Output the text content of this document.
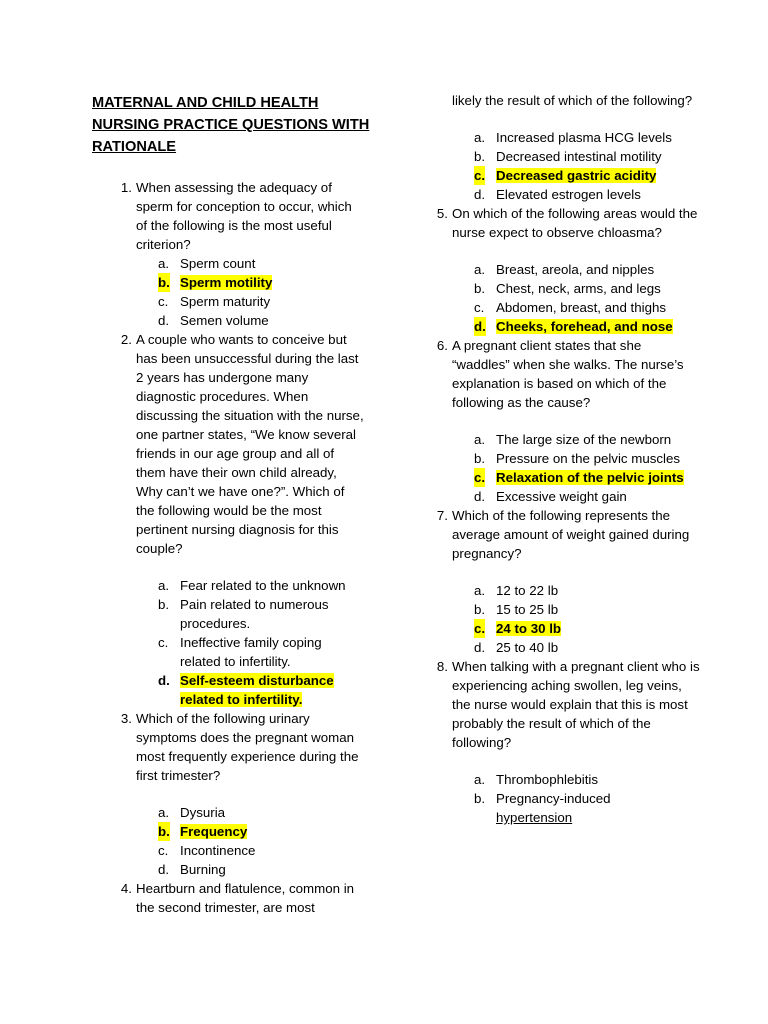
MATERNAL AND CHILD HEALTH NURSING PRACTICE QUESTIONS WITH RATIONALE
1. When assessing the adequacy of sperm for conception to occur, which of the following is the most useful criterion?
a. Sperm count
b. Sperm motility
c. Sperm maturity
d. Semen volume
2. A couple who wants to conceive but has been unsuccessful during the last 2 years has undergone many diagnostic procedures. When discussing the situation with the nurse, one partner states, “We know several friends in our age group and all of them have their own child already, Why can’t we have one?”. Which of the following would be the most pertinent nursing diagnosis for this couple?
a. Fear related to the unknown
b. Pain related to numerous procedures.
c. Ineffective family coping related to infertility.
d. Self-esteem disturbance related to infertility.
3. Which of the following urinary symptoms does the pregnant woman most frequently experience during the first trimester?
a. Dysuria
b. Frequency
c. Incontinence
d. Burning
4. Heartburn and flatulence, common in the second trimester, are most
likely the result of which of the following?
a. Increased plasma HCG levels
b. Decreased intestinal motility
c. Decreased gastric acidity
d. Elevated estrogen levels
5. On which of the following areas would the nurse expect to observe chloasma?
a. Breast, areola, and nipples
b. Chest, neck, arms, and legs
c. Abdomen, breast, and thighs
d. Cheeks, forehead, and nose
6. A pregnant client states that she “waddles” when she walks. The nurse’s explanation is based on which of the following as the cause?
a. The large size of the newborn
b. Pressure on the pelvic muscles
c. Relaxation of the pelvic joints
d. Excessive weight gain
7. Which of the following represents the average amount of weight gained during pregnancy?
a. 12 to 22 lb
b. 15 to 25 lb
c. 24 to 30 lb
d. 25 to 40 lb
8. When talking with a pregnant client who is experiencing aching swollen, leg veins, the nurse would explain that this is most probably the result of which of the following?
a. Thrombophlebitis
b. Pregnancy-induced
hypertension
